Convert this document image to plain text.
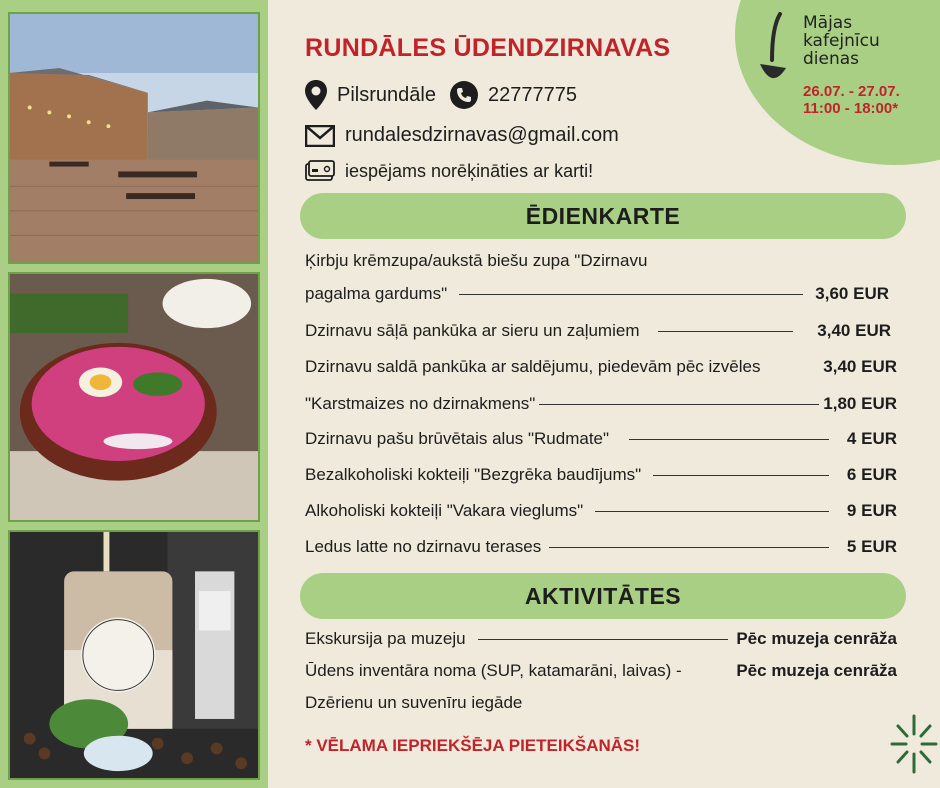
Mājas
kafejnīcu
dienas
26.07. - 27.07.
11:00 - 18:00*
RUNDĀLES ŪDENDZIRNAVAS
Pilsrundāle	22777775
rundalesdzirnavas@gmail.com
iespējams norēķināties ar karti!
ĒDIENKARTE
Ķirbju krēmzupa/aukstā biešu zupa "Dzirnavu
pagalma gardums"	3,60 EUR
Dzirnavu sāļā pankūka ar sieru un zaļumiem	3,40 EUR
Dzirnavu saldā pankūka ar saldējumu, piedevām pēc izvēles	3,40 EUR
"Karstmaizes no dzirnakmens"	1,80 EUR
Dzirnavu pašu brūvētais alus "Rudmate"	4 EUR
Bezalkoholiski kokteiļi "Bezgrēka baudījums"	6 EUR
Alkoholiski kokteiļi "Vakara vieglums"	9 EUR
Ledus latte no dzirnavu terases	5 EUR
AKTIVITĀTES
Ekskursija pa muzeju	Pēc muzeja cenrāža
Ūdens inventāra noma (SUP, katamarāni, laivas) -	Pēc muzeja cenrāža
Dzērienu un suvenīru iegāde
* VĒLAMA IEPRIEKŠĒJA PIETEIKŠANĀS!
